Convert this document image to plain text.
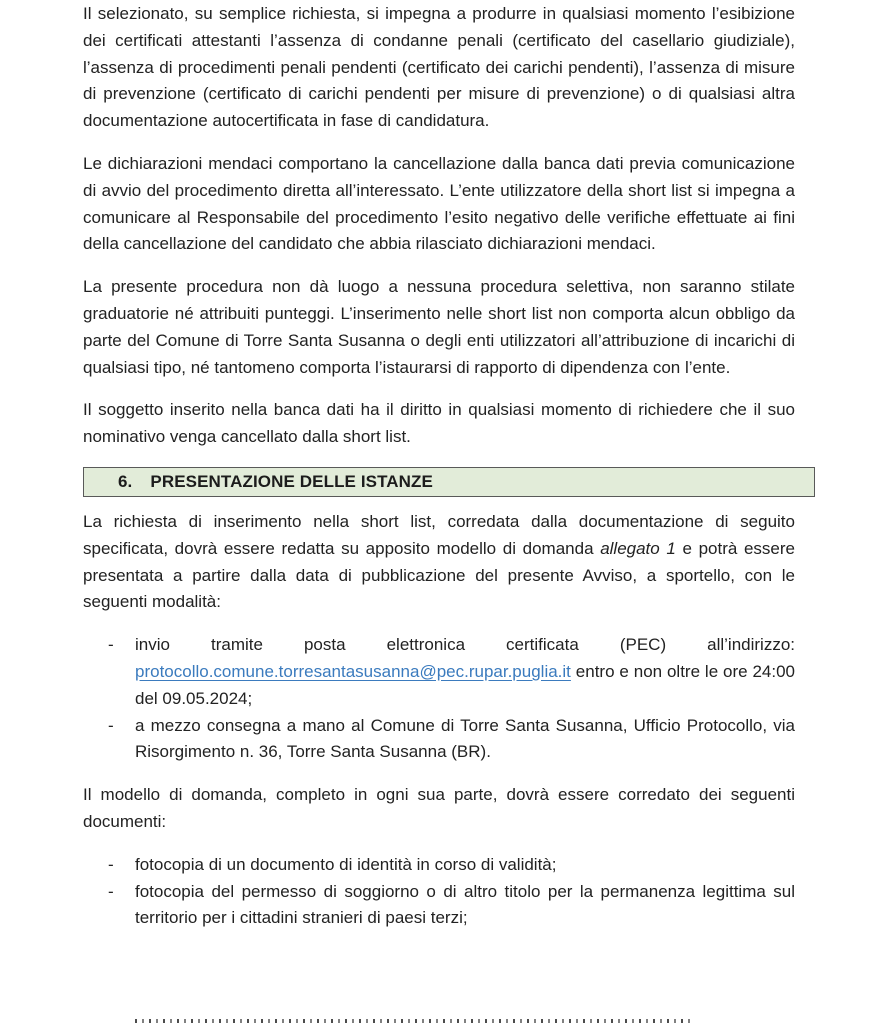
Il selezionato, su semplice richiesta, si impegna a produrre in qualsiasi momento l’esibizione dei certificati attestanti l’assenza di condanne penali (certificato del casellario giudiziale), l’assenza di procedimenti penali pendenti (certificato dei carichi pendenti), l’assenza di misure di prevenzione (certificato di carichi pendenti per misure di prevenzione) o di qualsiasi altra documentazione autocertificata in fase di candidatura.

Le dichiarazioni mendaci comportano la cancellazione dalla banca dati previa comunicazione di avvio del procedimento diretta all’interessato. L’ente utilizzatore della short list si impegna a comunicare al Responsabile del procedimento l’esito negativo delle verifiche effettuate ai fini della cancellazione del candidato che abbia rilasciato dichiarazioni mendaci.

La presente procedura non dà luogo a nessuna procedura selettiva, non saranno stilate graduatorie né attribuiti punteggi. L’inserimento nelle short list non comporta alcun obbligo da parte del Comune di Torre Santa Susanna o degli enti utilizzatori all’attribuzione di incarichi di qualsiasi tipo, né tantomeno comporta l’istaurarsi di rapporto di dipendenza con l’ente.

Il soggetto inserito nella banca dati ha il diritto in qualsiasi momento di richiedere che il suo nominativo venga cancellato dalla short list.

6. PRESENTAZIONE DELLE ISTANZE

La richiesta di inserimento nella short list, corredata dalla documentazione di seguito specificata, dovrà essere redatta su apposito modello di domanda allegato 1 e potrà essere presentata a partire dalla data di pubblicazione del presente Avviso, a sportello, con le seguenti modalità:

- invio tramite posta elettronica certificata (PEC) all’indirizzo: protocollo.comune.torresantasusanna@pec.rupar.puglia.it entro e non oltre le ore 24:00 del 09.05.2024;
- a mezzo consegna a mano al Comune di Torre Santa Susanna, Ufficio Protocollo, via Risorgimento n. 36, Torre Santa Susanna (BR).

Il modello di domanda, completo in ogni sua parte, dovrà essere corredato dei seguenti documenti:

- fotocopia di un documento di identità in corso di validità;
- fotocopia del permesso di soggiorno o di altro titolo per la permanenza legittima sul territorio per i cittadini stranieri di paesi terzi;
